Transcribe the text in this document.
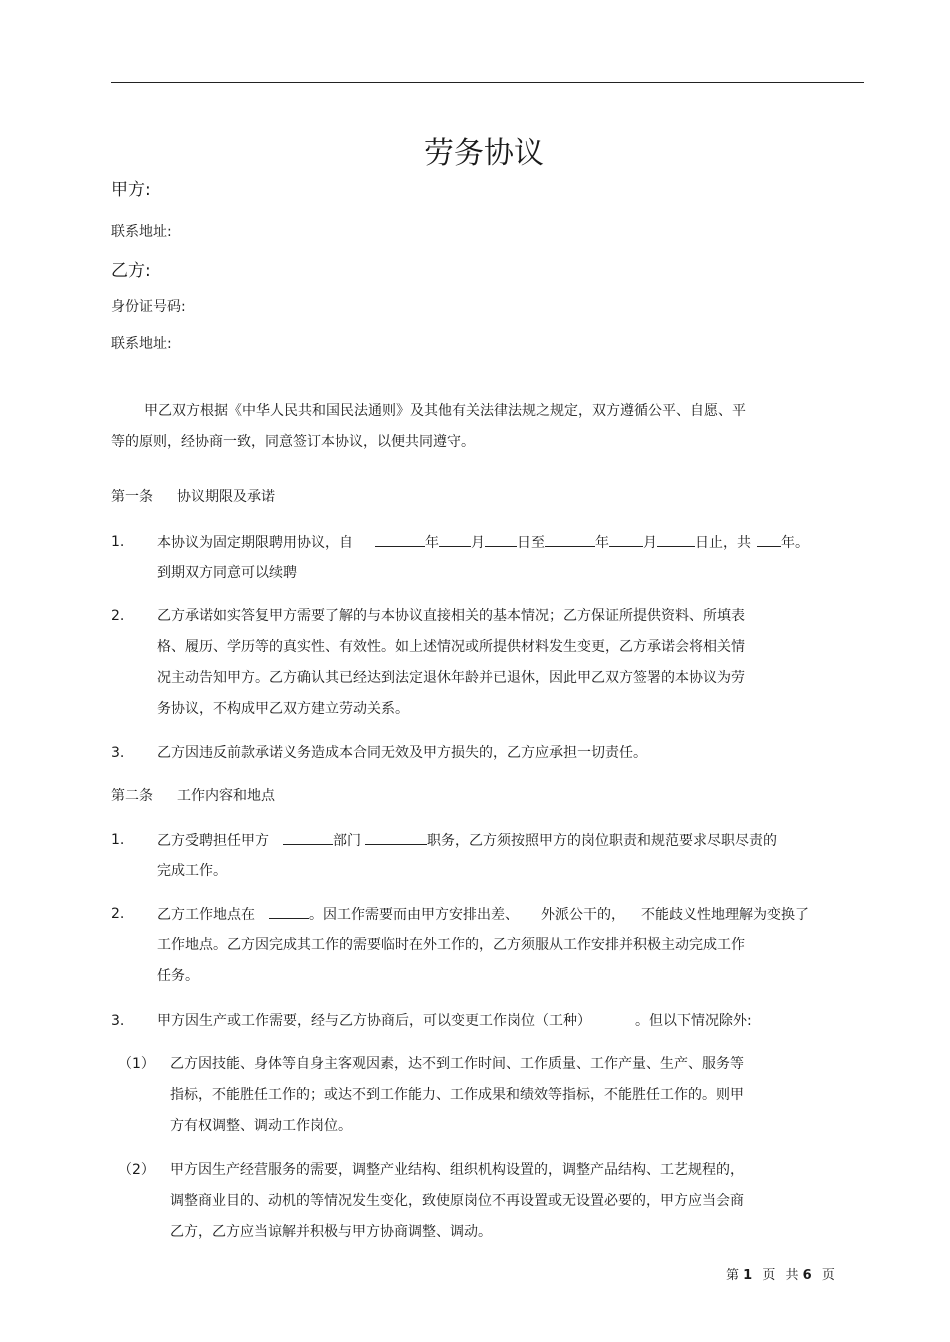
劳务协议
甲方:
联系地址:
乙方:
身份证号码:
联系地址:
甲乙双方根据《中华人民共和国民法通则》及其他有关法律法规之规定，双方遵循公平、自愿、平
等的原则，经协商一致，同意签订本协议，以便共同遵守。
第一条 协议期限及承诺
1. 本协议为固定期限聘用协议，自	年 月 日至	年 月	日止，共 年。
到期双方同意可以续聘
2. 乙方承诺如实答复甲方需要了解的与本协议直接相关的基本情况；乙方保证所提供资料、所填表
格、履历、学历等的真实性、有效性。如上述情况或所提供材料发生变更，乙方承诺会将相关情
况主动告知甲方。乙方确认其已经达到法定退休年龄并已退休，因此甲乙双方签署的本协议为劳
务协议，不构成甲乙双方建立劳动关系。
3. 乙方因违反前款承诺义务造成本合同无效及甲方损失的，乙方应承担一切责任。
第二条 工作内容和地点
1. 乙方受聘担任甲方	部门	职务，乙方须按照甲方的岗位职责和规范要求尽职尽责的
完成工作。
2. 乙方工作地点在	。因工作需要而由甲方安排出差、 外派公干的， 不能歧义性地理解为变换了
工作地点。乙方因完成其工作的需要临时在外工作的，乙方须服从工作安排并积极主动完成工作
任务。
3. 甲方因生产或工作需要，经与乙方协商后，可以变更工作岗位（工种）	。但以下情况除外:
（1） 乙方因技能、身体等自身主客观因素，达不到工作时间、工作质量、工作产量、生产、服务等
指标，不能胜任工作的；或达不到工作能力、工作成果和绩效等指标，不能胜任工作的。则甲
方有权调整、调动工作岗位。
（2） 甲方因生产经营服务的需要，调整产业结构、组织机构设置的，调整产品结构、工艺规程的，
调整商业目的、动机的等情况发生变化，致使原岗位不再设置或无设置必要的，甲方应当会商
乙方，乙方应当谅解并积极与甲方协商调整、调动。
第 1 页 共 6 页
